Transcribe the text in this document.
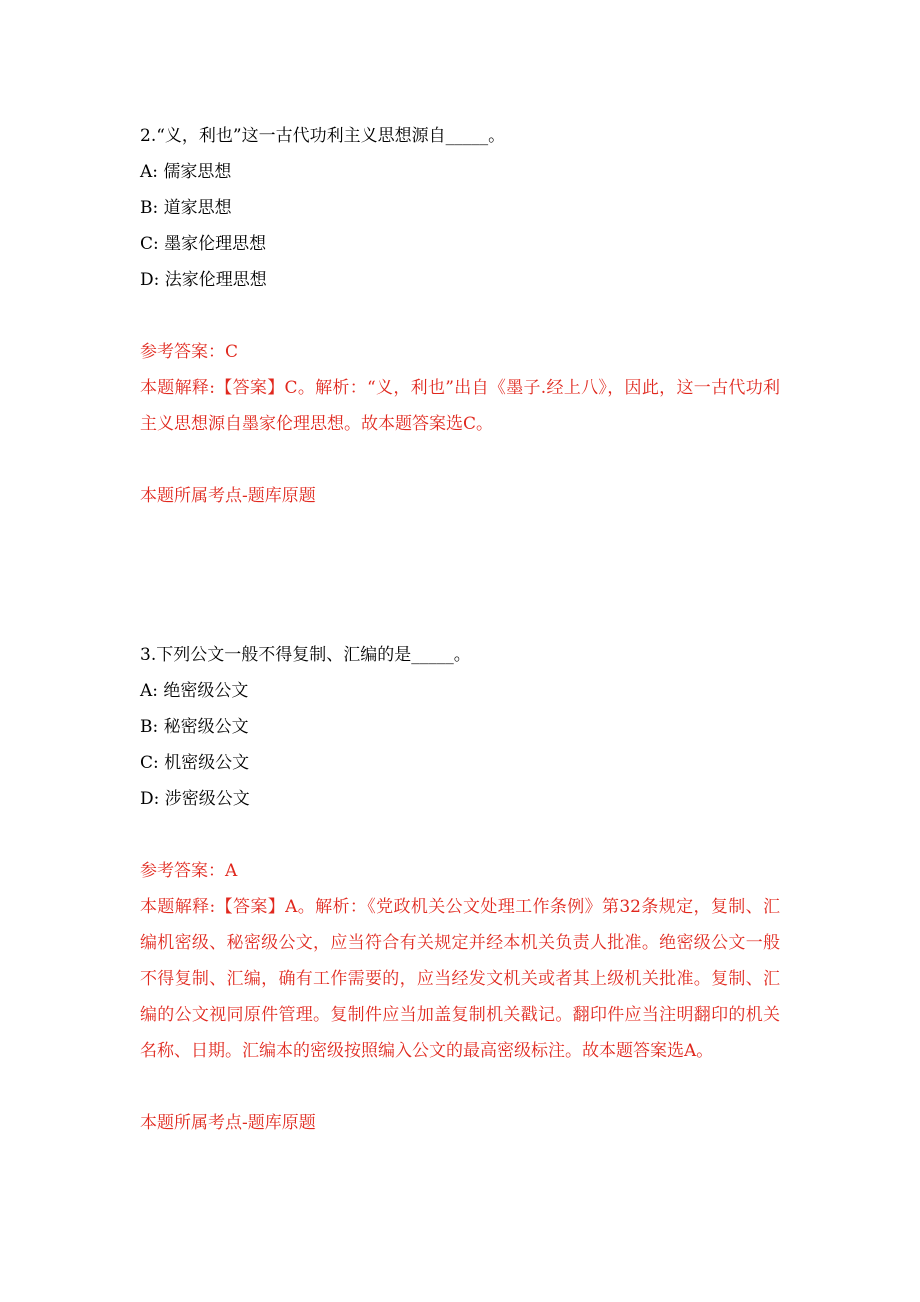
2.“义，利也”这一古代功利主义思想源自_____。
A: 儒家思想
B: 道家思想
C: 墨家伦理思想
D: 法家伦理思想
参考答案：C
本题解释:【答案】C。解析：“义，利也”出自《墨子.经上八》，因此，这一古代功利主义思想源自墨家伦理思想。故本题答案选C。
本题所属考点-题库原题
3.下列公文一般不得复制、汇编的是_____。
A: 绝密级公文
B: 秘密级公文
C: 机密级公文
D: 涉密级公文
参考答案：A
本题解释:【答案】A。解析：《党政机关公文处理工作条例》第32条规定，复制、汇编机密级、秘密级公文，应当符合有关规定并经本机关负责人批准。绝密级公文一般不得复制、汇编，确有工作需要的，应当经发文机关或者其上级机关批准。复制、汇编的公文视同原件管理。复制件应当加盖复制机关戳记。翻印件应当注明翻印的机关名称、日期。汇编本的密级按照编入公文的最高密级标注。故本题答案选A。
本题所属考点-题库原题
